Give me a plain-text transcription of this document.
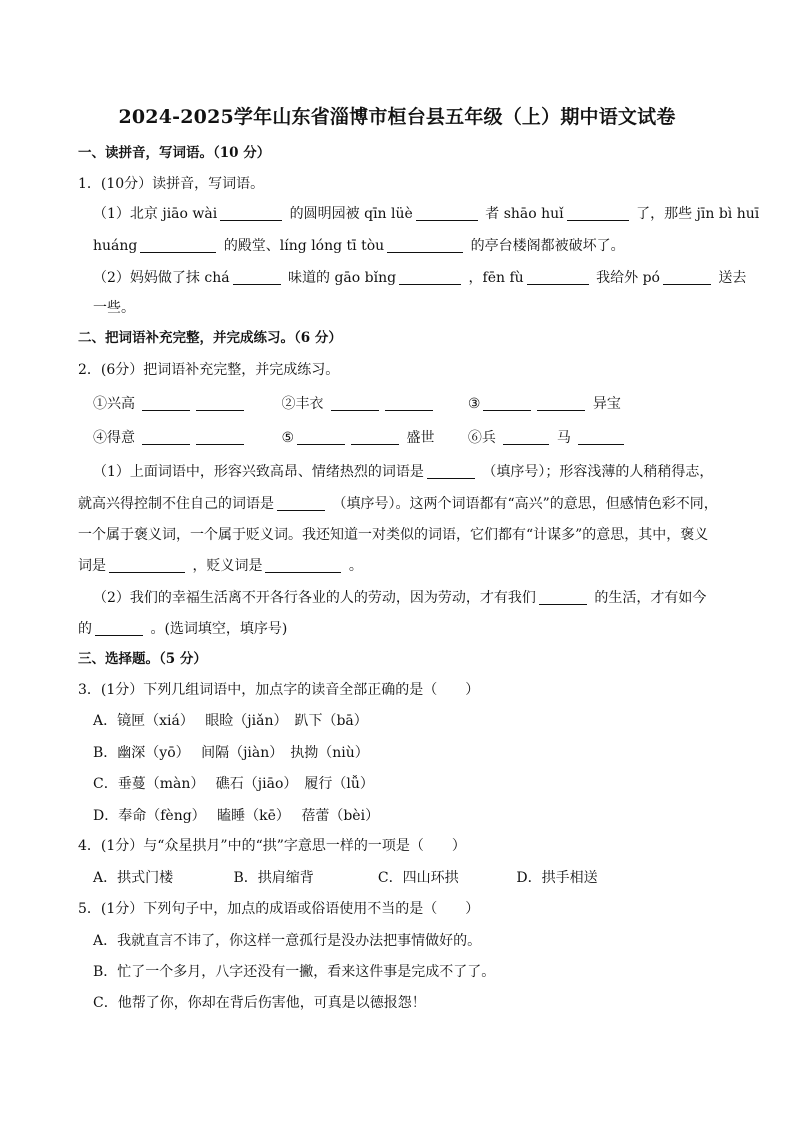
2024-2025学年山东省淄博市桓台县五年级（上）期中语文试卷
一、读拼音，写词语。（10 分）
1．(10分）读拼音，写词语。
（1）北京 jiāo wài	的圆明园被 qīn lüè	者 shāo huǐ	了，那些 jīn bì huī
huáng	的殿堂、líng lóng tī tòu	的亭台楼阁都被破坏了。
（2）妈妈做了抹 chá	味道的 gāo bǐng	，fēn fù	我给外 pó	送去
一些。
二、把词语补充完整，并完成练习。（6 分）
2．(6分）把词语补充完整，并完成练习。
①兴高	②丰衣	③	异宝
④得意	⑤	盛世 ⑥兵	马
（1）上面词语中，形容兴致高昂、情绪热烈的词语是	（填序号）；形容浅薄的人稍稍得志，
就高兴得控制不住自己的词语是	（填序号）。这两个词语都有“高兴”的意思，但感情色彩不同，
一个属于褒义词，一个属于贬义词。我还知道一对类似的词语，它们都有“计谋多”的意思，其中，褒义
词是	，贬义词是	。
（2）我们的幸福生活离不开各行各业的人的劳动，因为劳动，才有我们	的生活，才有如今
的	。(选词填空，填序号)
三、选择题。（5 分）
3．(1分）下列几组词语中，加点字的读音全部正确的是（　　）
A．镜匣（xiá）　 眼睑（jiǎn）　趴下（bā）
B．幽深（yō）　 间隔（jiàn）　执拗（niù）
C．垂蔓（màn）　 礁石（jiāo）　履行（lǚ）
D．奉命（fèng）　 瞌睡（kē）　 蓓蕾（bèi）
4．(1分）与“众星拱月”中的“拱”字意思一样的一项是（　　）
A．拱式门楼	B．拱肩缩背	C．四山环拱	D．拱手相送
5．(1分）下列句子中，加点的成语或俗语使用不当的是（　　）
A．我就直言不讳了，你这样一意孤行是没办法把事情做好的。
B．忙了一个多月，八字还没有一撇，看来这件事是完成不了了。
C．他帮了你，你却在背后伤害他，可真是以德报怨！
